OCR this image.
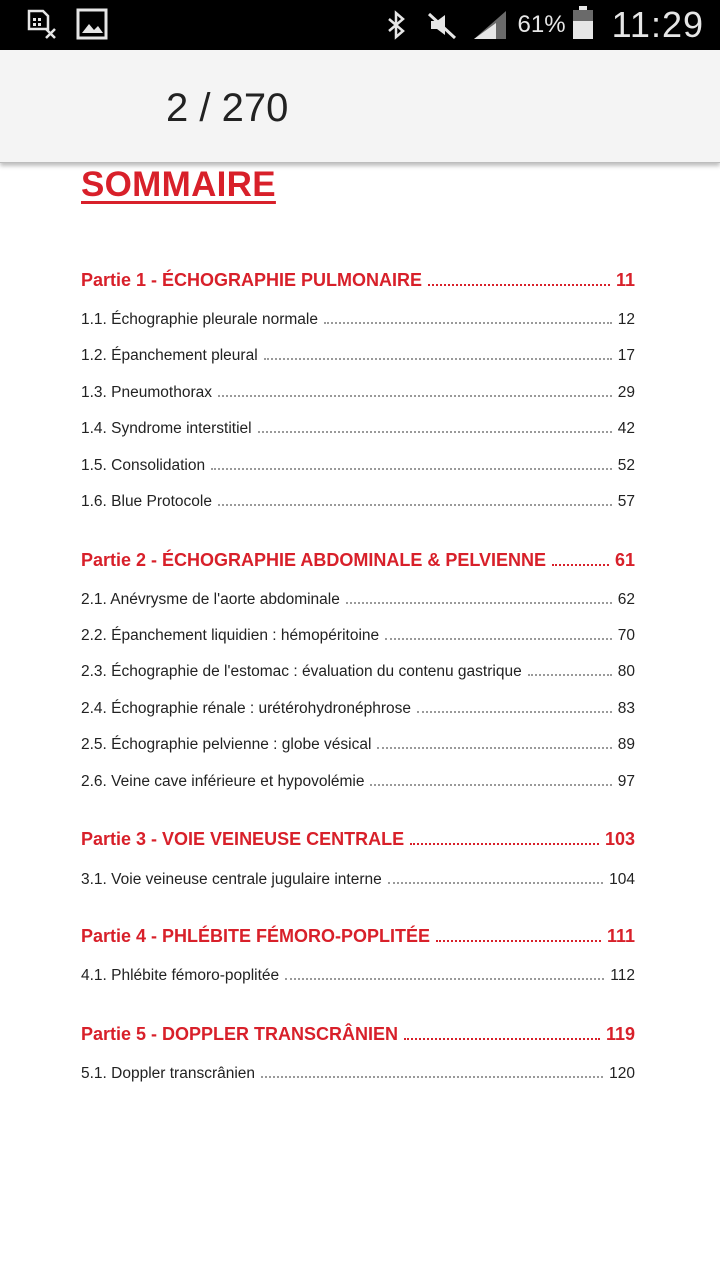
61% 11:29
2 / 270
SOMMAIRE
Partie 1 - ÉCHOGRAPHIE PULMONAIRE	11
1.1. Échographie pleurale normale	12
1.2. Épanchement pleural	17
1.3. Pneumothorax	29
1.4. Syndrome interstitiel	42
1.5. Consolidation	52
1.6. Blue Protocole	57
Partie 2 - ÉCHOGRAPHIE ABDOMINALE & PELVIENNE	61
2.1. Anévrysme de l'aorte abdominale	62
2.2. Épanchement liquidien : hémopéritoine	70
2.3. Échographie de l'estomac : évaluation du contenu gastrique	80
2.4. Échographie rénale : urétérohydronéphrose	83
2.5. Échographie pelvienne : globe vésical	89
2.6. Veine cave inférieure et hypovolémie	97
Partie 3 - VOIE VEINEUSE CENTRALE	103
3.1. Voie veineuse centrale jugulaire interne	104
Partie 4 - PHLÉBITE FÉMORO-POPLITÉE	111
4.1. Phlébite fémoro-poplitée	112
Partie 5 - DOPPLER TRANSCRÂNIEN	119
5.1. Doppler transcrânien	120
